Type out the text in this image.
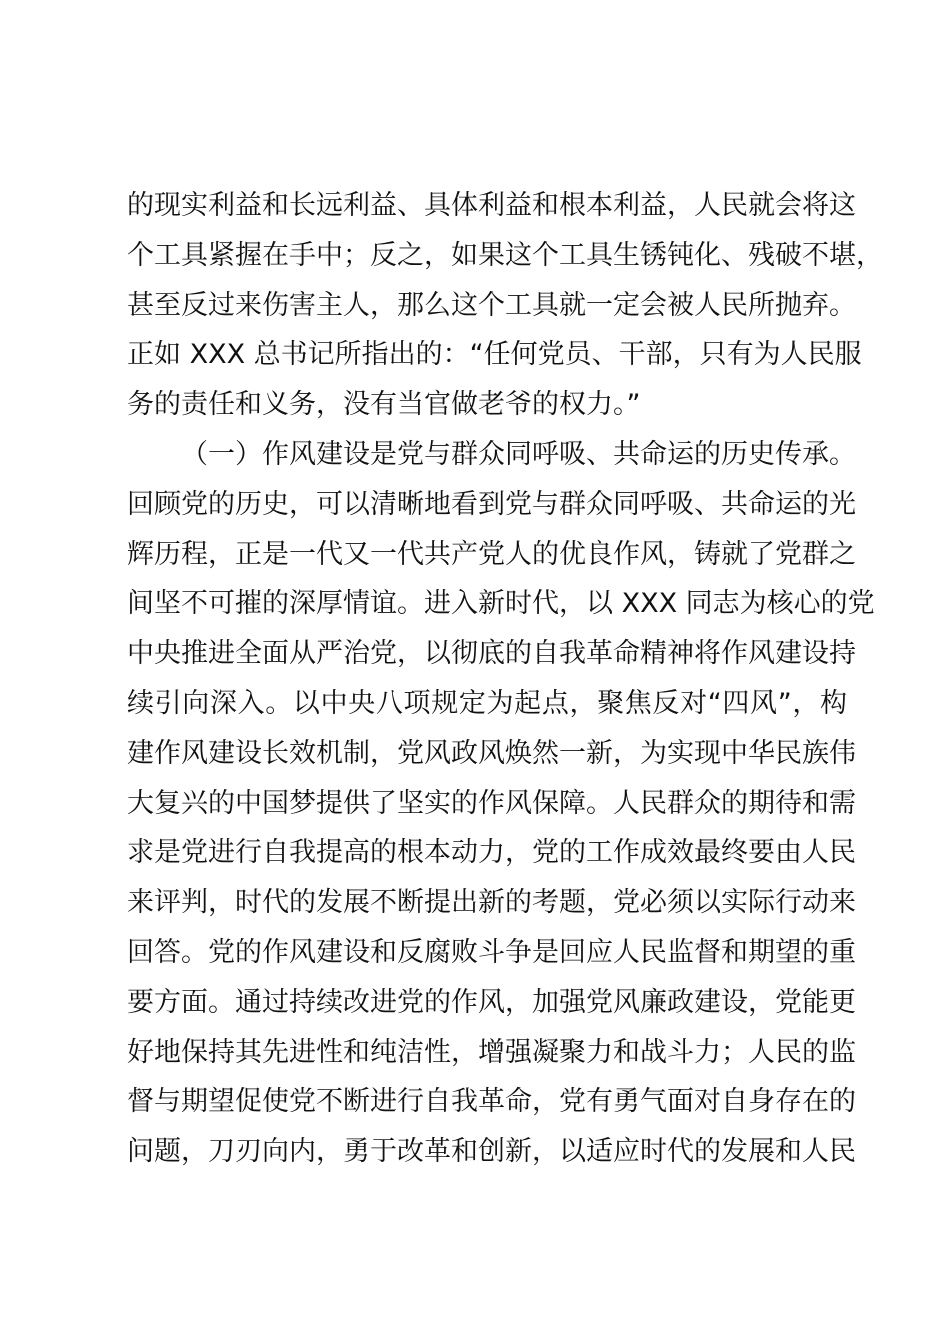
的现实利益和长远利益、具体利益和根本利益，人民就会将这
个工具紧握在手中；反之，如果这个工具生锈钝化、残破不堪，
甚至反过来伤害主人，那么这个工具就一定会被人民所抛弃。
正如 XXX 总书记所指出的：“任何党员、干部，只有为人民服
务的责任和义务，没有当官做老爷的权力。”
（一）作风建设是党与群众同呼吸、共命运的历史传承。
回顾党的历史，可以清晰地看到党与群众同呼吸、共命运的光
辉历程，正是一代又一代共产党人的优良作风，铸就了党群之
间坚不可摧的深厚情谊。进入新时代，以 XXX 同志为核心的党
中央推进全面从严治党，以彻底的自我革命精神将作风建设持
续引向深入。以中央八项规定为起点，聚焦反对“四风”，构
建作风建设长效机制，党风政风焕然一新，为实现中华民族伟
大复兴的中国梦提供了坚实的作风保障。人民群众的期待和需
求是党进行自我提高的根本动力，党的工作成效最终要由人民
来评判，时代的发展不断提出新的考题，党必须以实际行动来
回答。党的作风建设和反腐败斗争是回应人民监督和期望的重
要方面。通过持续改进党的作风，加强党风廉政建设，党能更
好地保持其先进性和纯洁性，增强凝聚力和战斗力；人民的监
督与期望促使党不断进行自我革命，党有勇气面对自身存在的
问题，刀刃向内，勇于改革和创新，以适应时代的发展和人民
